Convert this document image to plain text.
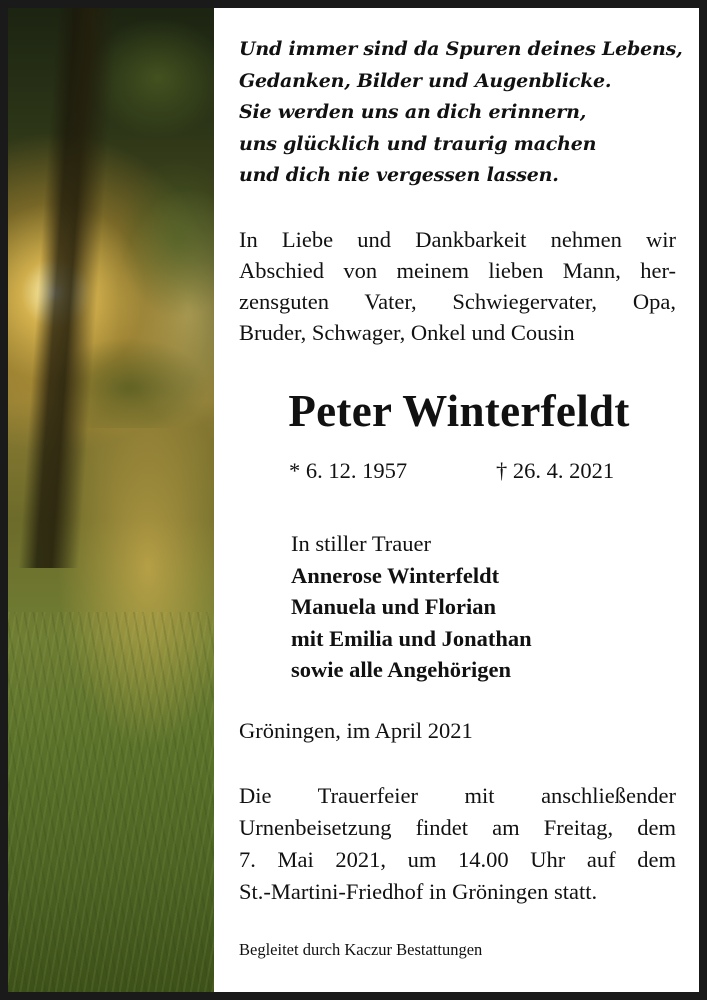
Und immer sind da Spuren deines Lebens,
Gedanken, Bilder und Augenblicke.
Sie werden uns an dich erinnern,
uns glücklich und traurig machen
und dich nie vergessen lassen.
In Liebe und Dankbarkeit nehmen wir
Abschied von meinem lieben Mann, her-
zensguten Vater, Schwiegervater, Opa,
Bruder, Schwager, Onkel und Cousin
Peter Winterfeldt
* 6. 12. 1957	† 26. 4. 2021
In stiller Trauer
Annerose Winterfeldt
Manuela und Florian
mit Emilia und Jonathan
sowie alle Angehörigen
Gröningen, im April 2021
Die Trauerfeier mit anschließender
Urnenbeisetzung findet am Freitag, dem
7. Mai 2021, um 14.00 Uhr auf dem
St.-Martini-Friedhof in Gröningen statt.
Begleitet durch Kaczur Bestattungen
